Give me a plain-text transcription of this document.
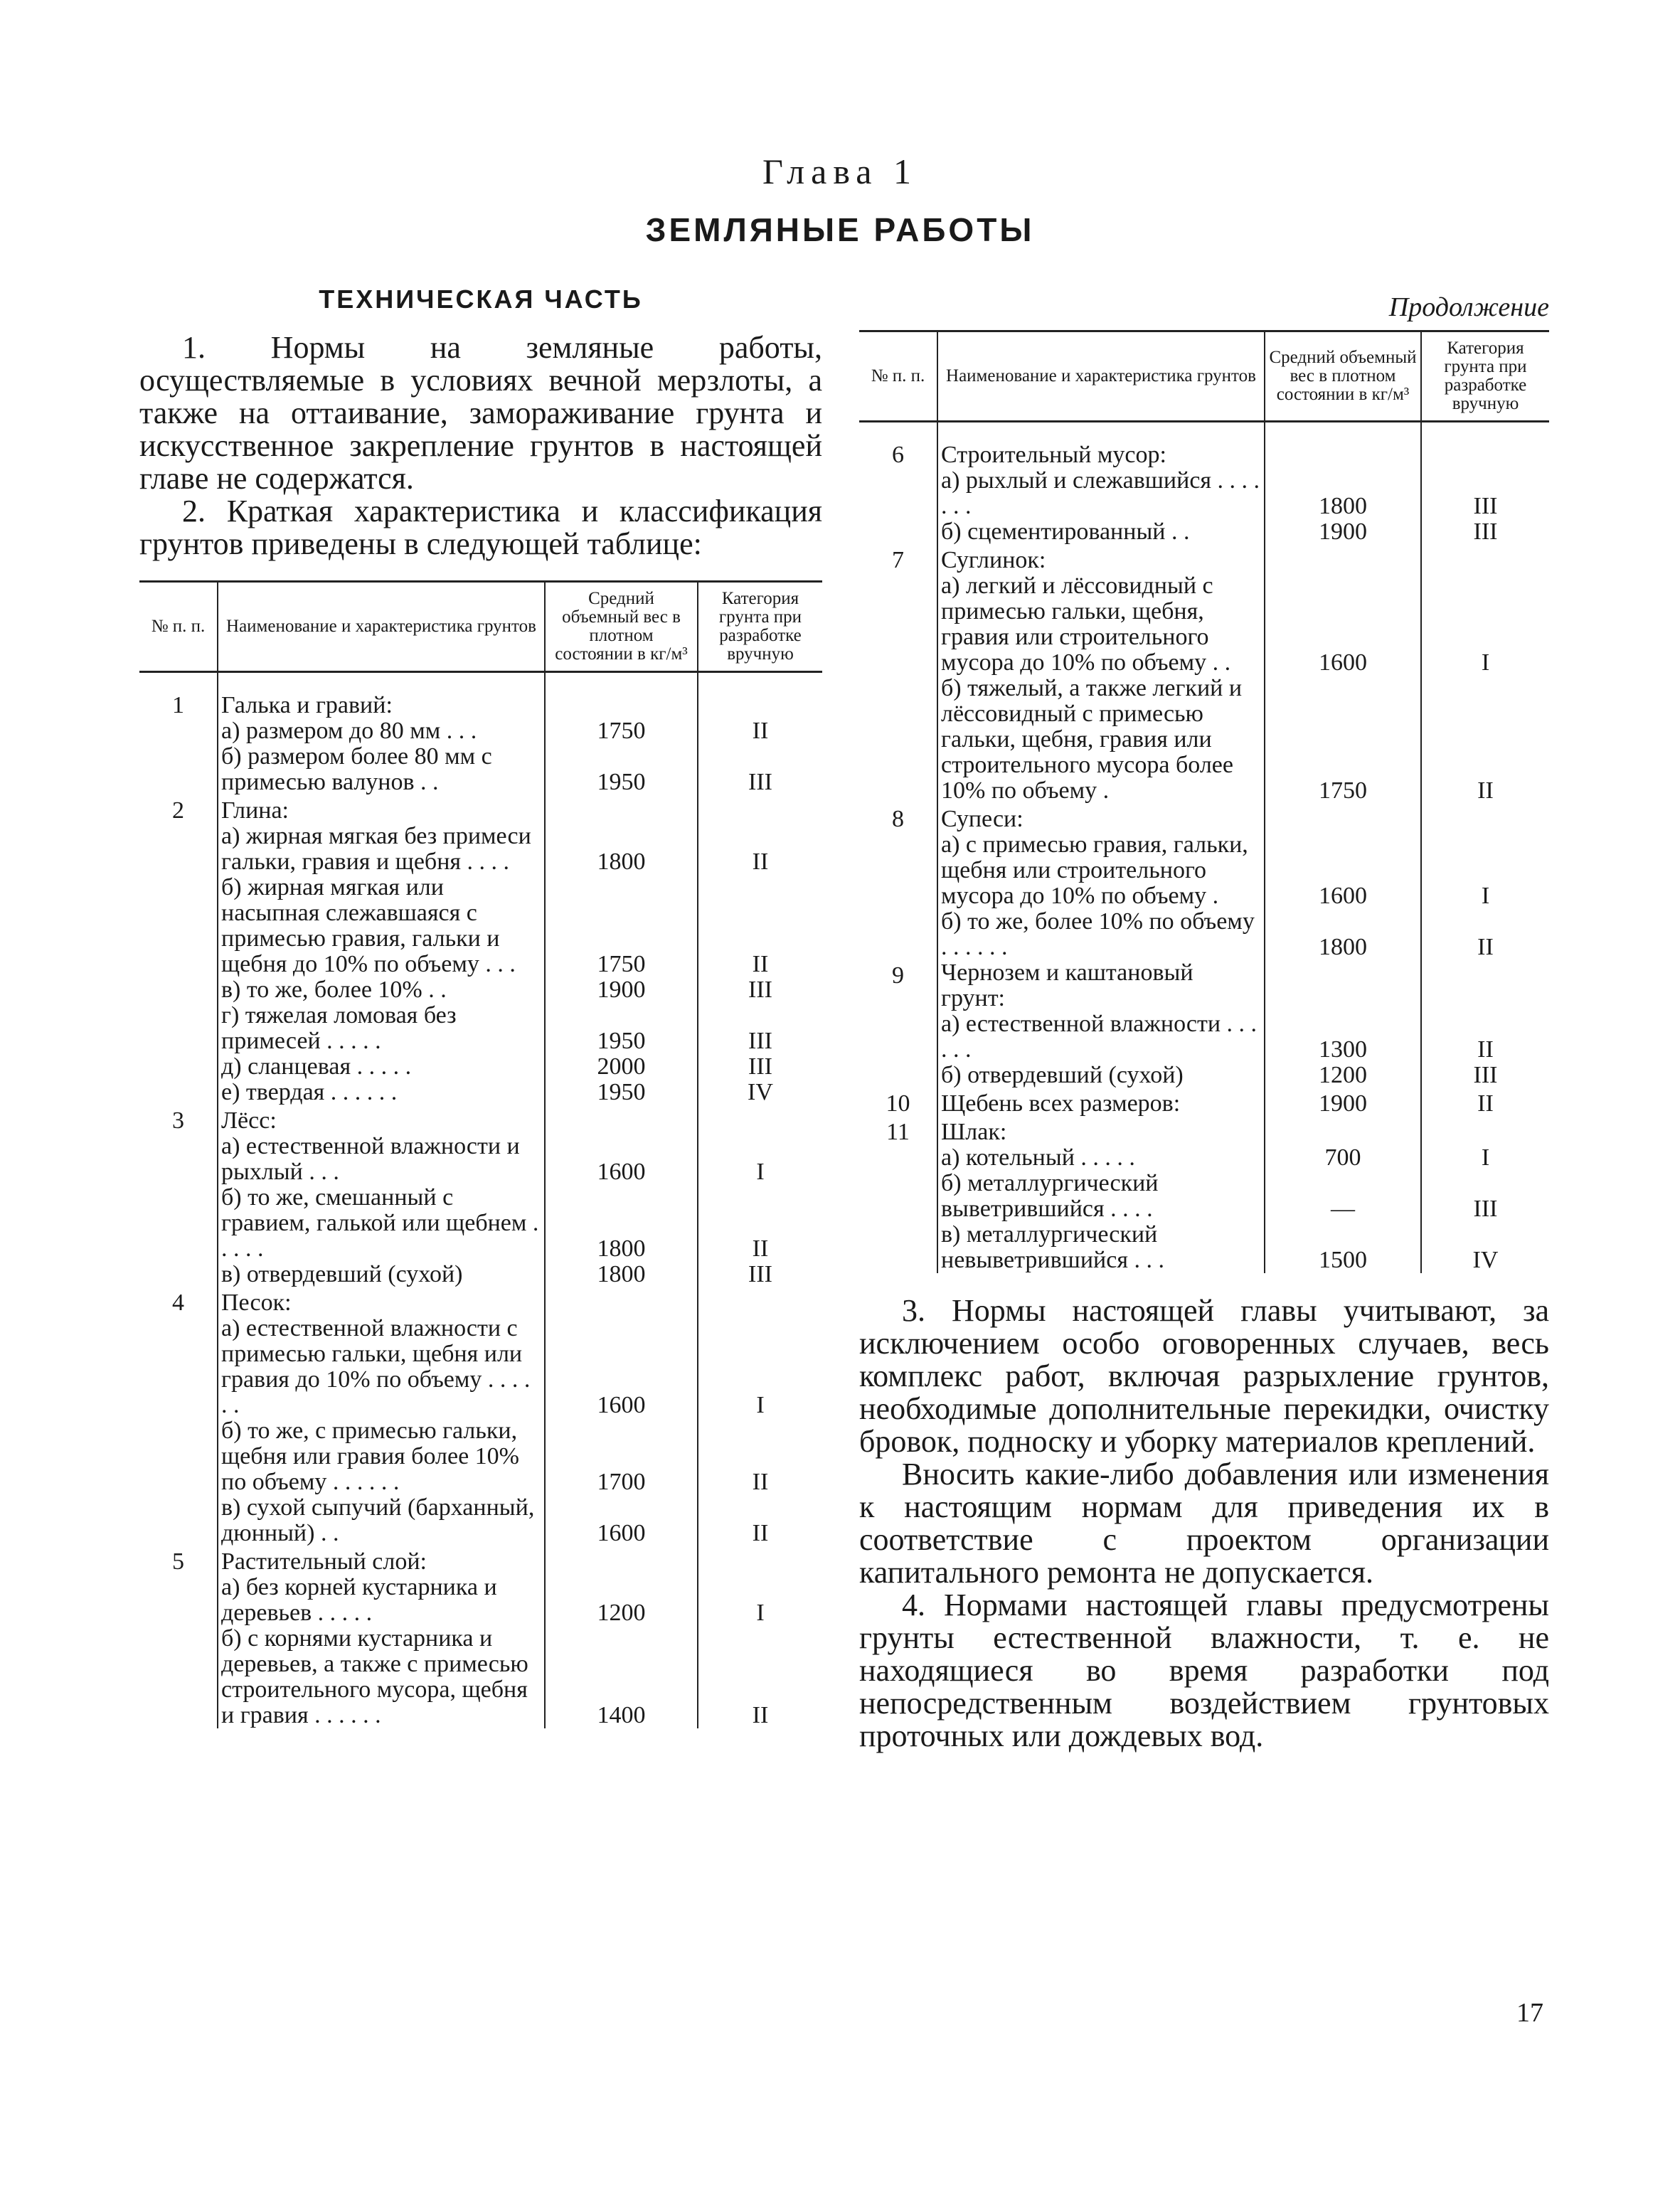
Глава 1
ЗЕМЛЯНЫЕ РАБОТЫ
ТЕХНИЧЕСКАЯ ЧАСТЬ

1. Нормы на земляные работы, осуществляемые в условиях вечной мерзлоты, а также на оттаивание, замораживание грунта и искусственное закрепление грунтов в настоящей главе не содержатся.

2. Краткая характеристика и классификация грунтов приведены в следующей таблице:

№ п. п.	Наименование и характеристика грунтов	Средний объемный вес в плотном состоянии в кг/м³	Категория грунта при разработке вручную

1	Галька и гравий:		
	а) размером до 80 мм . . .	1750	II
	б) размером более 80 мм с примесью валунов . .	1950	III
2	Глина:		
	а) жирная мягкая без примеси гальки, гравия и щебня . . . .	1800	II
	б) жирная мягкая или насыпная слежавшаяся с примесью гравия, гальки и щебня до 10% по объему . . .	1750	II
	в) то же, более 10% . .	1900	III
	г) тяжелая ломовая без примесей . . . . .	1950	III
	д) сланцевая . . . . .	2000	III
	е) твердая . . . . . .	1950	IV
3	Лёсс:		
	а) естественной влажности и рыхлый . . .	1600	I
	б) то же, смешанный с гравием, галькой или щебнем . . . . .	1800	II
	в) отвердевший (сухой)	1800	III
4	Песок:		
	а) естественной влажности с примесью гальки, щебня или гравия до 10% по объему . . . . . .	1600	I
	б) то же, с примесью гальки, щебня или гравия более 10% по объему . . . . . .	1700	II
	в) сухой сыпучий (барханный, дюнный) . .	1600	II
5	Растительный слой:		
	а) без корней кустарника и деревьев . . . . .	1200	I
	б) с корнями кустарника и деревьев, а также с примесью строительного мусора, щебня и гравия . . . . . .	1400	II
Продолжение
№ п. п.	Наименование и характеристика грунтов	Средний объемный вес в плотном состоянии в кг/м³	Категория грунта при разработке вручную

6	Строительный мусор:		
	а) рыхлый и слежавшийся . . . . . . .	1800	III
	б) сцементированный . .	1900	III
7	Суглинок:		
	а) легкий и лёссовидный с примесью гальки, щебня, гравия или строительного мусора до 10% по объему . .	1600	I
	б) тяжелый, а также легкий и лёссовидный с примесью гальки, щебня, гравия или строительного мусора более 10% по объему .	1750	II
8	Супеси:		
	а) с примесью гравия, гальки, щебня или строительного мусора до 10% по объему .	1600	I
	б) то же, более 10% по объему . . . . . .	1800	II
9	Чернозем и каштановый грунт:		
	а) естественной влажности . . . . . .	1300	II
	б) отвердевший (сухой)	1200	III
10	Щебень всех размеров:	1900	II
11	Шлак:		
	а) котельный . . . . .	700	I
	б) металлургический выветрившийся . . . .	—	III
	в) металлургический невыветрившийся . . .	1500	IV

3. Нормы настоящей главы учитывают, за исключением особо оговоренных случаев, весь комплекс работ, включая разрыхление грунтов, необходимые дополнительные перекидки, очистку бровок, подноску и уборку материалов креплений.

Вносить какие-либо добавления или изменения к настоящим нормам для приведения их в соответствие с проектом организации капитального ремонта не допускается.

4. Нормами настоящей главы предусмотрены грунты естественной влажности, т. е. не находящиеся во время разработки под непосредственным воздействием грунтовых проточных или дождевых вод.

17
